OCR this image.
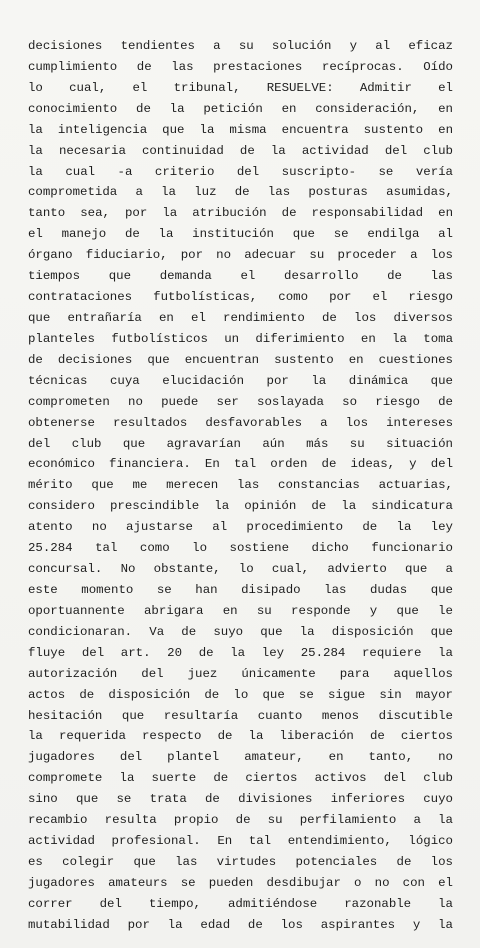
decisiones tendientes a su solución y al eficaz
cumplimiento de las prestaciones recíprocas. Oído
lo cual, el tribunal, RESUELVE: Admitir el
conocimiento de la petición en consideración, en
la inteligencia que la misma encuentra sustento en
la necesaria continuidad de la actividad del club
la cual -a criterio del suscripto- se vería
comprometida a la luz de las posturas asumidas,
tanto sea, por la atribución de responsabilidad en
el manejo de la institución que se endilga al
órgano fiduciario, por no adecuar su proceder a los
tiempos que demanda el desarrollo de las
contrataciones futbolísticas, como por el riesgo
que entrañaría en el rendimiento de los diversos
planteles futbolísticos un diferimiento en la toma
de decisiones que encuentran sustento en cuestiones
técnicas cuya elucidación por la dinámica que
comprometen no puede ser soslayada so riesgo de
obtenerse resultados desfavorables a los intereses
del club que agravarían aún más su situación
económico financiera. En tal orden de ideas, y del
mérito que me merecen las constancias actuarias,
considero prescindible la opinión de la sindicatura
atento no ajustarse al procedimiento de la ley
25.284 tal como lo sostiene dicho funcionario
concursal. No obstante, lo cual, advierto que a
este momento se han disipado las dudas que
oportuannente abrigara en su responde y que le
condicionaran. Va de suyo que la disposición que
fluye del art. 20 de la ley 25.284 requiere la
autorización del juez únicamente para aquellos
actos de disposición de lo que se sigue sin mayor
hesitación que resultaría cuanto menos discutible
la requerida respecto de la liberación de ciertos
jugadores del plantel amateur, en tanto, no
compromete la suerte de ciertos activos del club
sino que se trata de divisiones inferiores cuyo
recambio resulta propio de su perfilamiento a la
actividad profesional. En tal entendimiento, lógico
es colegir que las virtudes potenciales de los
jugadores amateurs se pueden desdibujar o no con el
correr del tiempo, admitiéndose razonable la
mutabilidad por la edad de los aspirantes y la
